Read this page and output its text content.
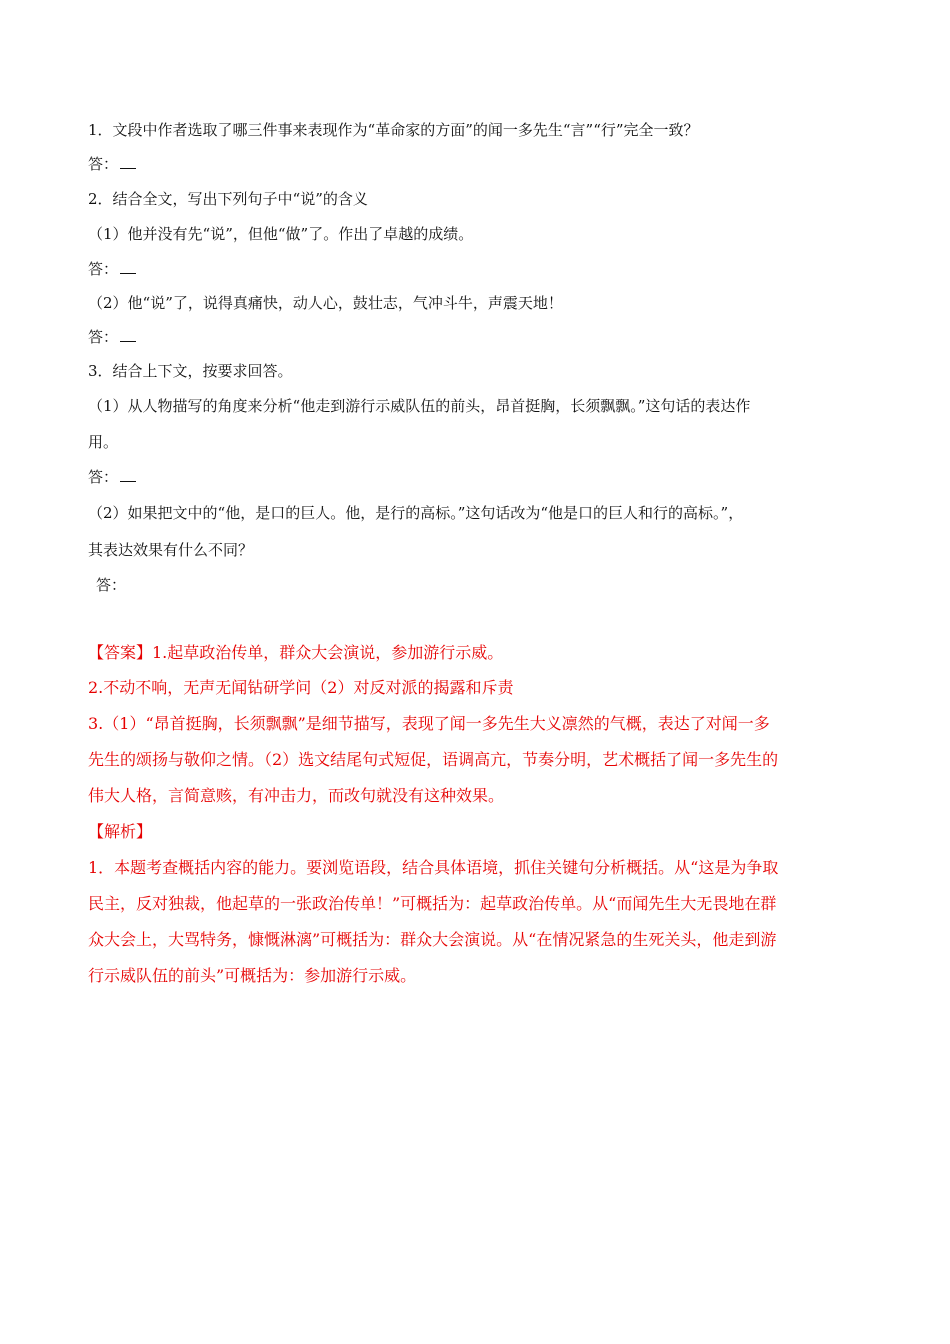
1．文段中作者选取了哪三件事来表现作为“革命家的方面”的闻一多先生“言”“行”完全一致？

答：

2．结合全文，写出下列句子中“说”的含义

（1）他并没有先“说”，但他“做”了。作出了卓越的成绩。

答：

（2）他“说”了，说得真痛快，动人心，鼓壮志，气冲斗牛，声震天地！

答：

3．结合上下文，按要求回答。

（1）从人物描写的角度来分析“他走到游行示威队伍的前头，昂首挺胸，长须飘飘。”这句话的表达作

用。

答：

（2）如果把文中的“他，是口的巨人。他，是行的高标。”这句话改为“他是口的巨人和行的高标。”，

其表达效果有什么不同？

答：

【答案】1.起草政治传单，群众大会演说，参加游行示威。

2.不动不响，无声无闻钻研学问（2）对反对派的揭露和斥责

3.（1）“昂首挺胸，长须飘飘”是细节描写，表现了闻一多先生大义凛然的气概，表达了对闻一多

先生的颂扬与敬仰之情。（2）选文结尾句式短促，语调高亢，节奏分明，艺术概括了闻一多先生的

伟大人格，言简意赅，有冲击力，而改句就没有这种效果。

【解析】

1．本题考查概括内容的能力。要浏览语段，结合具体语境，抓住关键句分析概括。从“这是为争取

民主，反对独裁，他起草的一张政治传单！”可概括为：起草政治传单。从“而闻先生大无畏地在群

众大会上，大骂特务，慷慨淋漓”可概括为：群众大会演说。从“在情况紧急的生死关头，他走到游

行示威队伍的前头”可概括为：参加游行示威。
